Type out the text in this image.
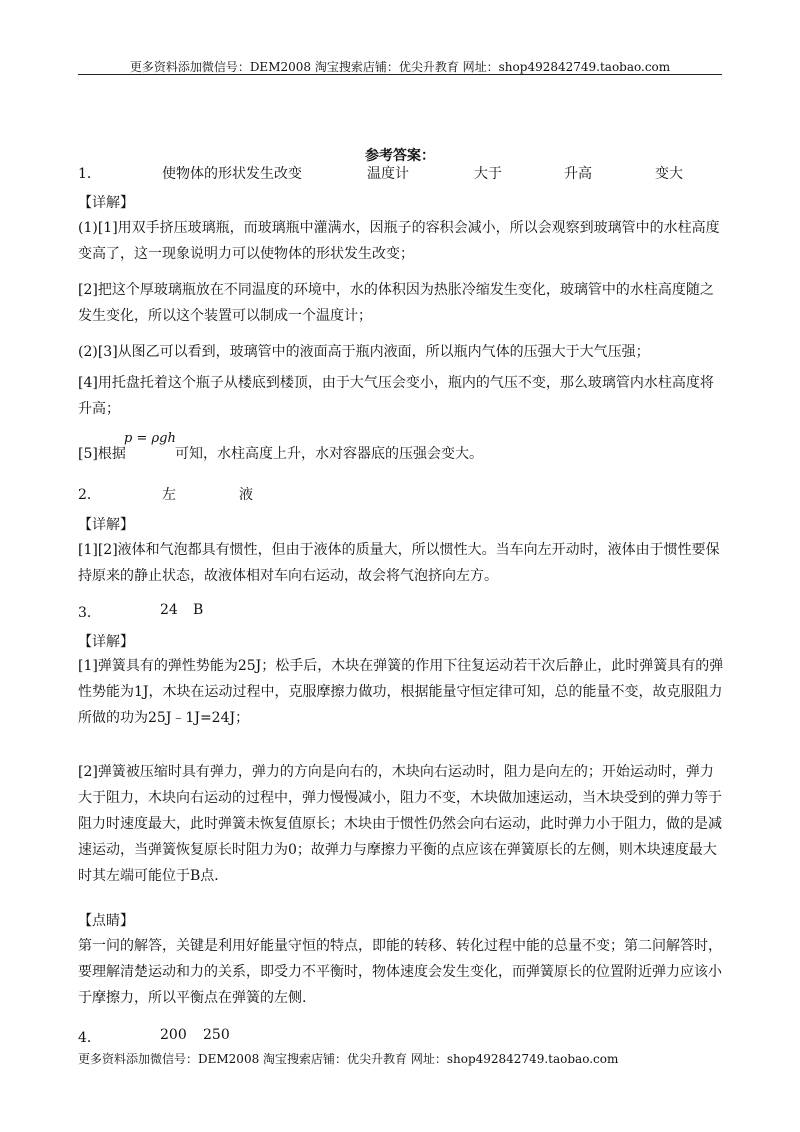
更多资料添加微信号：DEM2008 淘宝搜索店铺：优尖升教育 网址：shop492842749.taobao.com
参考答案：
1．	使物体的形状发生改变	温度计	大于	升高	变大
【详解】
(1)[1]用双手挤压玻璃瓶，而玻璃瓶中灌满水，因瓶子的容积会减小，所以会观察到玻璃管中的水柱高度变高了，这一现象说明力可以使物体的形状发生改变；
[2]把这个厚玻璃瓶放在不同温度的环境中，水的体积因为热胀冷缩发生变化，玻璃管中的水柱高度随之发生变化，所以这个装置可以制成一个温度计；
(2)[3]从图乙可以看到，玻璃管中的液面高于瓶内液面，所以瓶内气体的压强大于大气压强；
[4]用托盘托着这个瓶子从楼底到楼顶，由于大气压会变小，瓶内的气压不变，那么玻璃管内水柱高度将升高；
[5]根据
p = ρgh
可知，水柱高度上升，水对容器底的压强会变大。
2．	左	液
【详解】
[1][2]液体和气泡都具有惯性，但由于液体的质量大，所以惯性大。当车向左开动时，液体由于惯性要保持原来的静止状态，故液体相对车向右运动，故会将气泡挤向左方。
3．	24 B
【详解】
[1]弹簧具有的弹性势能为25J；松手后，木块在弹簧的作用下往复运动若干次后静止，此时弹簧具有的弹性势能为1J，木块在运动过程中，克服摩擦力做功，根据能量守恒定律可知，总的能量不变，故克服阻力所做的功为25J﹣1J=24J；
[2]弹簧被压缩时具有弹力，弹力的方向是向右的，木块向右运动时，阻力是向左的；开始运动时，弹力大于阻力，木块向右运动的过程中，弹力慢慢减小，阻力不变，木块做加速运动，当木块受到的弹力等于阻力时速度最大，此时弹簧未恢复值原长；木块由于惯性仍然会向右运动，此时弹力小于阻力，做的是减速运动，当弹簧恢复原长时阻力为0；故弹力与摩擦力平衡的点应该在弹簧原长的左侧，则木块速度最大时其左端可能位于B点．
【点睛】
第一问的解答，关键是利用好能量守恒的特点，即能的转移、转化过程中能的总量不变；第二问解答时，要理解清楚运动和力的关系，即受力不平衡时，物体速度会发生变化，而弹簧原长的位置附近弹力应该小于摩擦力，所以平衡点在弹簧的左侧.
4．	200 250
更多资料添加微信号：DEM2008 淘宝搜索店铺：优尖升教育 网址：shop492842749.taobao.com
